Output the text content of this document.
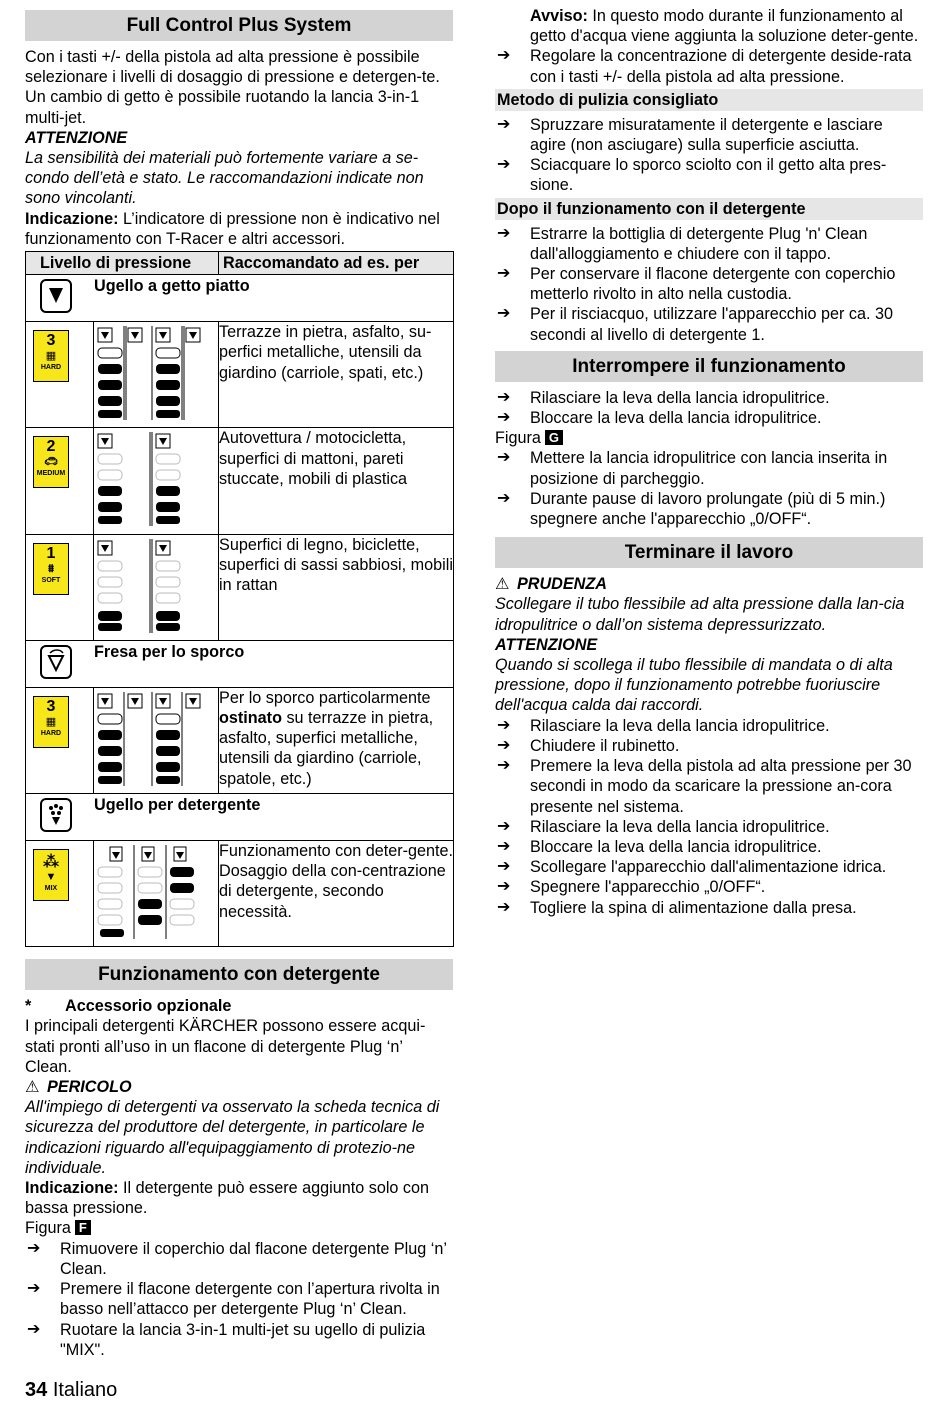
Full Control Plus System

Con i tasti +/- della pistola ad alta pressione è possibile selezionare i livelli di dosaggio di pressione e detergen-te. Un cambio di getto è possibile ruotando la lancia 3-in-1 multi-jet.

ATTENZIONE

La sensibilità dei materiali può fortemente variare a se-condo dell’età e stato. Le raccomandazioni indicate non sono vincolanti.

Indicazione: L’indicatore di pressione non è indicativo nel funzionamento con T-Racer e altri accessori.

Livello di pressione		Raccomandato ad es. per

Ugello a getto piatto		

3
▦
HARD		Terrazze in pietra, asfalto, su-perfici metalliche, utensili da giardino (carriole, spati, etc.)

2
🚗︎
MEDIUM		Autovettura / motocicletta, superfici di mattoni, pareti stuccate, mobili di plastica

1
⩩
SOFT		Superfici di legno, biciclette, superfici di sassi sabbiosi, mobili in rattan

Fresa per lo sporco		

3
▦
HARD		Per lo sporco particolarmente ostinato su terrazze in pietra, asfalto, superfici metalliche, utensili da giardino (carriole, spatole, etc.)

Ugello per detergente		

⁂
▼
MIX		Funzionamento con deter-gente. Dosaggio della con-centrazione di detergente, secondo necessità.
Funzionamento con detergente

* Accessorio opzionale

I principali detergenti KÄRCHER possono essere acqui-stati pronti all’uso in un flacone di detergente Plug ‘n’ Clean.

⚠ PERICOLO

All'impiego di detergenti va osservato la scheda tecnica di sicurezza del produttore del detergente, in particolare le indicazioni riguardo all'equipaggiamento di protezio-ne individuale.

Indicazione: Il detergente può essere aggiunto solo con bassa pressione.

Figura F

➔ Rimuovere il coperchio dal flacone detergente Plug ‘n’ Clean.
➔ Premere il flacone detergente con l’apertura rivolta in basso nell’attacco per detergente Plug ‘n’ Clean.
➔ Ruotare la lancia 3-in-1 multi-jet su ugello di pulizia "MIX".
Avviso: In questo modo durante il funzionamento al getto d'acqua viene aggiunta la soluzione deter-gente.
➔ Regolare la concentrazione di detergente deside-rata con i tasti +/- della pistola ad alta pressione.
Metodo di pulizia consigliato
➔ Spruzzare misuratamente il detergente e lasciare agire (non asciugare) sulla superficie asciutta.
➔ Sciacquare lo sporco sciolto con il getto alta pres-sione.
Dopo il funzionamento con il detergente
➔ Estrarre la bottiglia di detergente Plug 'n' Clean dall'alloggiamento e chiudere con il tappo.
➔ Per conservare il flacone detergente con coperchio metterlo rivolto in alto nella custodia.
➔ Per il risciacquo, utilizzare l'apparecchio per ca. 30 secondi al livello di detergente 1.
Interrompere il funzionamento
➔ Rilasciare la leva della lancia idropulitrice.
➔ Bloccare la leva della lancia idropulitrice.

Figura G

➔ Mettere la lancia idropulitrice con lancia inserita in posizione di parcheggio.
➔ Durante pause di lavoro prolungate (più di 5 min.) spegnere anche l'apparecchio „0/OFF“.
Terminare il lavoro

⚠ PRUDENZA

Scollegare il tubo flessibile ad alta pressione dalla lan-cia idropulitrice o dall’on sistema depressurizzato.

ATTENZIONE

Quando si scollega il tubo flessibile di mandata o di alta pressione, dopo il funzionamento potrebbe fuoriuscire dell'acqua calda dai raccordi.

➔ Rilasciare la leva della lancia idropulitrice.
➔ Chiudere il rubinetto.
➔ Premere la leva della pistola ad alta pressione per 30 secondi in modo da scaricare la pressione an-cora presente nel sistema.
➔ Rilasciare la leva della lancia idropulitrice.
➔ Bloccare la leva della lancia idropulitrice.
➔ Scollegare l'apparecchio dall'alimentazione idrica.
➔ Spegnere l'apparecchio „0/OFF“.
➔ Togliere la spina di alimentazione dalla presa.
34 Italiano
